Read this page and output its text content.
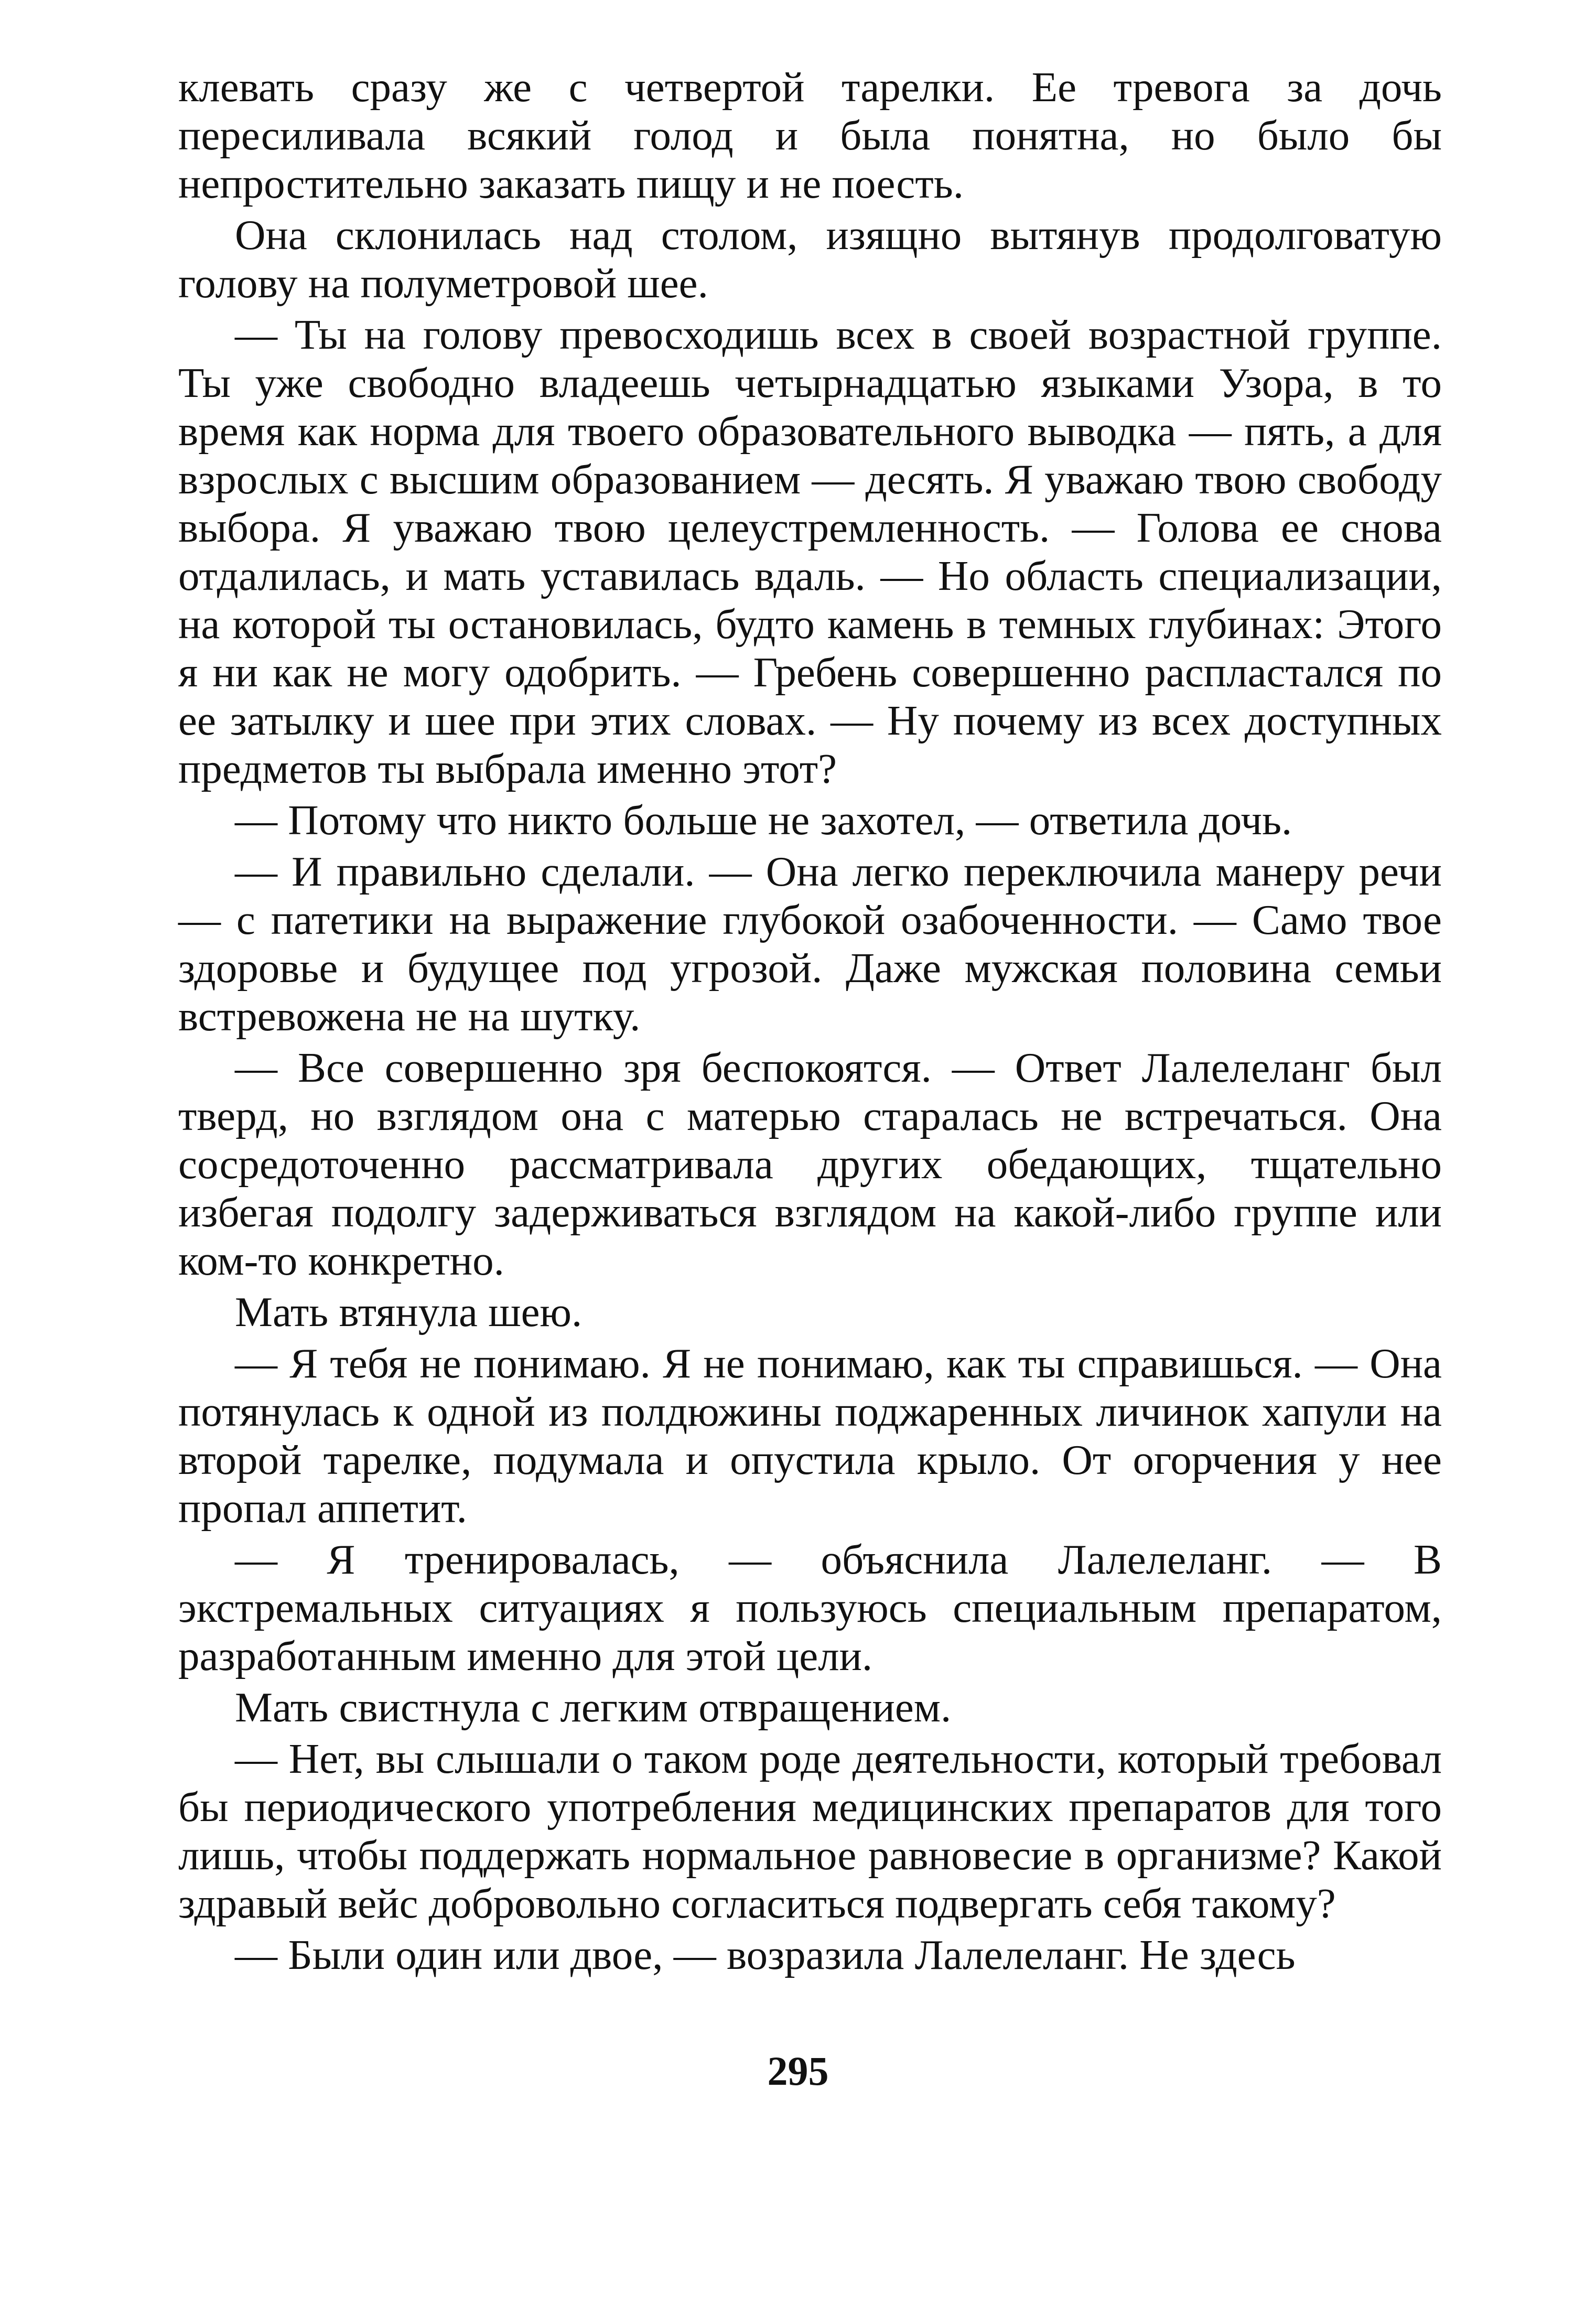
клевать сразу же с четвертой тарелки. Ее тревога за дочь пересиливала всякий голод и была понятна, но было бы непростительно заказать пищу и не поесть.

Она склонилась над столом, изящно вытянув продолговатую голову на полуметровой шее.

— Ты на голову превосходишь всех в своей возрастной группе. Ты уже свободно владеешь четырнадцатью языками Узора, в то время как норма для твоего образовательного выводка — пять, а для взрослых с высшим образованием — десять. Я уважаю твою свободу выбора. Я уважаю твою целеустремленность. — Голова ее снова отдалилась, и мать уставилась вдаль. — Но область специализации, на которой ты остановилась, будто камень в темных глубинах: Этого я ни как не могу одобрить. — Гребень совершенно распластался по ее затылку и шее при этих словах. — Ну почему из всех доступных предметов ты выбрала именно этот?

— Потому что никто больше не захотел, — ответила дочь.

— И правильно сделали. — Она легко переключила манеру речи — с патетики на выражение глубокой озабоченности. — Само твое здоровье и будущее под угрозой. Даже мужская половина семьи встревожена не на шутку.

— Все совершенно зря беспокоятся. — Ответ Лалелеланг был тверд, но взглядом она с матерью старалась не встречаться. Она сосредоточенно рассматривала других обедающих, тщательно избегая подолгу задерживаться взглядом на какой-либо группе или ком-то конкретно.

Мать втянула шею.

— Я тебя не понимаю. Я не понимаю, как ты справишься. — Она потянулась к одной из полдюжины поджаренных личинок хапули на второй тарелке, подумала и опустила крыло. От огорчения у нее пропал аппетит.

— Я тренировалась, — объяснила Лалелеланг. — В экстремальных ситуациях я пользуюсь специальным препаратом, разработанным именно для этой цели.

Мать свистнула с легким отвращением.

— Нет, вы слышали о таком роде деятельности, который требовал бы периодического употребления медицинских препаратов для того лишь, чтобы поддержать нормальное равновесие в организме? Какой здравый вейс добровольно согласиться подвергать себя такому?

— Были один или двое, — возразила Лалелеланг. Не здесь

295
